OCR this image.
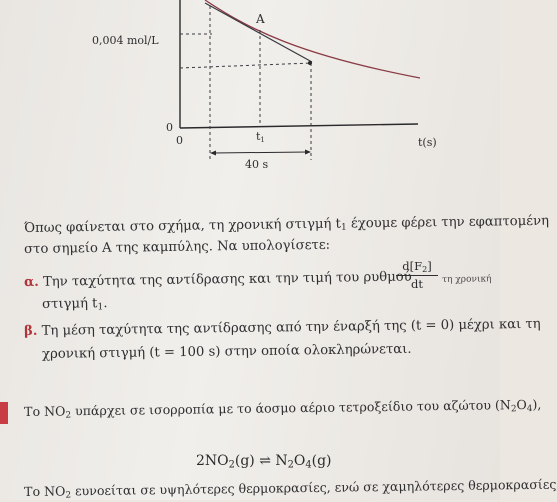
0,004 mol/L
0
0	t(s)
A
t1
40 s
Όπως φαίνεται στο σχήμα, τη χρονική στιγμή $t_1$ έχουμε φέρει την εφαπτομένη
στο σημείο Α της καμπύλης. Να υπολογίσετε:
α. Την ταχύτητα της αντίδρασης και την τιμή του ρυθμού
$\frac{d[F_2]}{dt}$ τη χρονική
στιγμή $t_1$.
β. Τη μέση ταχύτητα της αντίδρασης από την έναρξή της (t = 0) μέχρι και τη
χρονική στιγμή (t = 100 s) στην οποία ολοκληρώνεται.
Το $NO_2$ υπάρχει σε ισορροπία με το άοσμο αέριο τετροξείδιο του αζώτου $(N_2O_4)$,
$2NO_2(g)$ ⇌ $N_2O_4(g)$
Το $NO_2$ ευνοείται σε υψηλότερες θερμοκρασίες, ενώ σε χαμηλότερες θερμοκρασίες
